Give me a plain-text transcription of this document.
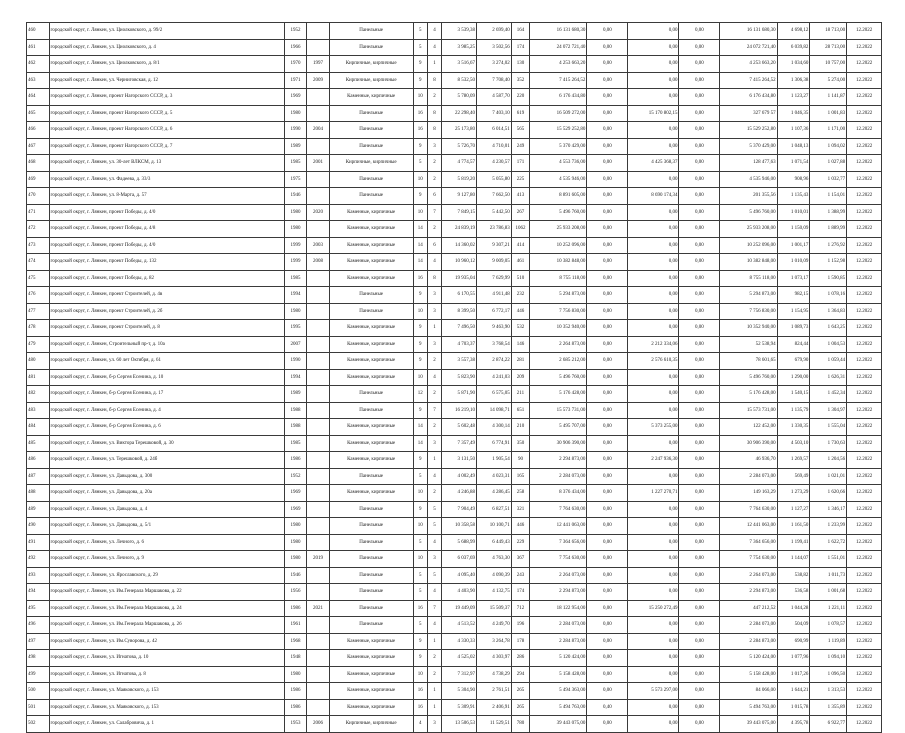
460	городской округ, г. Лянкен, ул. Циолковского, д. 99/2	1952		Панельные	5	4	3 539,38	2 699,40	164	16 131 680,30	0,00	0,00	0,00	16 131 680,30	4 698,12	18 713,00	12.2022
461	городской округ, г. Лянкен, ул. Циолковского, д. 4	1966		Панельные	5	4	3 985,25	3 502,56	174	24 072 721,40	0,00	0,00	0,00	24 072 721,40	6 039,82	28 713,00	12.2022
462	городской округ, г. Лянкен, ул. Циолковского, д. 8/1	1970	1997	Кирпичные, кирпичные	9	1	3 516,67	3 274,02	130	4 253 663,20	0,00	0,00	0,00	4 253 663,20	1 034,60	10 757,00	12.2022
463	городской округ, г. Лянкен, ул. Черниговская, д. 12	1971	2009	Кирпичные, кирпичные	9	8	8 532,50	7 708,40	352	7 415 264,52	0,00	0,00	0,00	7 415 264,52	1 306,38	5 274,00	12.2022
464	городской округ, г. Лянкен, проект Нагорского СССР, д. 3	1969		Каменные, кирпичные	10	2	5 780,09	4 587,70	220	6 176 434,80	0,00	0,00	0,00	6 176 434,80	1 123,27	1 141,87	12.2022
465	городской округ, г. Лянкен, проект Нагорского СССР, д. 5	1980		Панельные	16	8	22 298,40	7 403,10	619	16 509 272,00	0,00	15 170 802,15	0,00	327 679 57	1 046,35	1 001,83	12.2022
466	городской округ, г. Лянкен, проект Нагорского СССР, д. 6	1990	2004	Панельные	16	8	25 173,80	6 014,51	565	15 529 252,80	0,00	0,00	0,00	15 529 252,80	1 107,36	1 171,00	12.2022
467	городской округ, г. Лянкен, проект Нагорского СССР, д. 7	1989		Панельные	9	3	5 726,70	4 710,01	249	5 370 429,00	0,00	0,00	0,00	5 370 429,00	1 048,13	1 094,02	12.2022
468	городской округ, г. Лянкен, ул. 30-лет ВЛКСМ, д. 13	1985	2001	Кирпичные, кирпичные	5	2	4 774,57	4 230,57	171	4 553 736,00	0,00	4 425 368,37	0,00	128 477,63	1 071,54	1 027,88	12.2022
469	городской округ, г. Лянкен, ул. Фадеева, д. 33/3	1975		Панельные	10	2	5 819,20	5 055,80	225	4 535 946,00	0,00	0,00	0,00	4 535 946,00	908,96	1 032,77	12.2022
470	городской округ, г. Лянкен, ул. 8-Марта, д. 57	1946		Панельные	9	6	9 127,80	7 662,50	413	8 891 605,00	0,00	8 690 174,34	0,00	201 355,56	1 135,43	1 154,01	12.2022
471	городской округ, г. Лянкен, проект Победы, д. 4/0	1980	2020	Каменные, кирпичные	10	7	7 849,15	5 442,50	267	5 496 760,00	0,00	0,00	0,00	5 496 760,00	1 010,01	1 388,99	12.2022
472	городской округ, г. Лянкен, проект Победы, д. 4/8	1980		Каменные, кирпичные	14	2	24 839,19	23 786,83	1062	25 933 208,00	0,00	0,00	0,00	25 933 208,00	1 150,09	1 889,99	12.2022
473	городской округ, г. Лянкен, проект Победы, д. 4/0	1999	2003	Каменные, кирпичные	14	6	14 360,02	9 307,21	414	10 252 096,00	0,00	0,00	0,00	10 252 096,00	1 001,17	1 276,92	12.2022
474	городской округ, г. Лянкен, проект Победы, д. 132	1999	2008	Каменные, кирпичные	14	4	10 960,12	9 009,05	461	10 382 848,00	0,00	0,00	0,00	10 382 848,00	1 010,09	1 152,98	12.2022
475	городской округ, г. Лянкен, проект Победы, д. 82	1985		Каменные, кирпичные	16	8	19 935,04	7 629,99	510	8 755 118,00	0,00	0,00	0,00	8 755 118,00	1 073,17	1 590,85	12.2022
476	городской округ, г. Лянкен, проект Строителей, д. 4в	1994		Панельные	9	3	6 170,55	4 911,48	232	5 294 873,00	0,00	0,00	0,00	5 294 873,00	982,15	1 078,16	12.2022
477	городской округ, г. Лянкен, проект Строителей, д. 2б	1980		Панельные	10	3	8 399,50	6 772,17	446	7 756 830,00	0,00	0,00	0,00	7 756 830,00	1 154,95	1 364,83	12.2022
478	городской округ, г. Лянкен, проект Строителей, д. 8	1995		Каменные, кирпичные	9	1	7 496,50	9 463,90	532	10 352 940,00	0,00	0,00	0,00	10 352 940,00	1 089,73	1 643,25	12.2022
479	городской округ, г. Лянкен, Строительный пр-т, д. 10а	2007		Каменные, кирпичные	9	3	4 703,37	3 768,54	146	2 264 873,00	0,00	2 212 334,06	0,00	52 538,94	824,44	1 004,53	12.2022
480	городской округ, г. Лянкен, ул. 60 лет Октября, д. 61	1990		Каменные, кирпичные	9	2	3 557,38	2 874,22	281	2 685 212,00	0,00	2 576 610,35	0,00	78 601,65	679,90	1 059,44	12.2022
481	городской округ, г. Лянкен, б-р Сергея Есенина, д. 10	1994		Каменные, кирпичные	10	4	5 823,90	4 241,03	209	5 496 760,00	0,00	0,00	0,00	5 496 760,00	1 290,00	1 626,31	12.2022
482	городской округ, г. Лянкен, б-р Сергея Есенина, д. 17	1989		Панельные	12	2	5 871,90	6 575,05	211	5 176 428,00	0,00	0,00	0,00	5 176 428,00	1 540,15	1 452,34	12.2022
483	городской округ, г. Лянкен, б-р Сергея Есенина, д. 4	1988		Панельные	9	7	16 219,10	14 098,71	651	15 573 731,00	0,00	0,00	0,00	15 573 731,00	1 135,79	1 304,97	12.2022
484	городской округ, г. Лянкен, б-р Сергея Есенина, д. 6	1988		Каменные, кирпичные	14	2	5 602,48	4 300,14	210	5 495 707,00	0,00	5 373 255,00	0,00	122 452,00	1 330,35	1 555,04	12.2022
485	городской округ, г. Лянкен, ул. Виктора Терешковой, д. 30	1985		Каменные, кирпичные	14	3	7 357,49	6 774,91	350	30 906 390,00	0,00	0,00	0,00	30 906 390,00	4 503,10	1 730,63	12.2022
486	городской округ, г. Лянкен, ул. Терешковой, д. 24б	1986		Каменные, кирпичные	9	1	3 131,50	1 905,54	90	2 294 873,00	0,00	2 247 936,30	0,00	46 936,70	1 269,57	1 204,56	12.2022
487	городской округ, г. Лянкен, ул. Давыдова, д. 300	1952		Панельные	5	4	4 002,49	4 023,31	165	2 284 073,00	0,00	0,00	0,00	2 284 073,00	569,49	1 021,01	12.2022
488	городской округ, г. Лянкен, ул. Давыдова, д. 20а	1969		Каменные, кирпичные	10	2	4 246,88	4 286,45	258	8 376 434,00	0,00	1 227 270,71	0,00	149 163,29	1 273,29	1 620,66	12.2022
489	городской округ, г. Лянкен, ул. Давыдова, д. 4	1969		Панельные	9	5	7 904,49	6 827,51	321	7 764 630,00	0,00	0,00	0,00	7 764 630,00	1 127,27	1 346,17	12.2022
490	городской округ, г. Лянкен, ул. Давыдова, д. 5/1	1980		Панельные	10	5	10 358,58	10 100,71	446	12 441 063,00	0,00	0,00	0,00	12 441 063,00	1 161,50	1 233,99	12.2022
491	городской округ, г. Лянкен, ул. Лечного, д. 6	1980		Панельные	5	4	5 688,99	6 449,43	229	7 364 656,00	0,00	0,00	0,00	7 364 656,00	1 199,41	1 622,72	12.2022
492	городской округ, г. Лянкен, ул. Лечного, д. 9	1980	2019	Панельные	10	3	6 037,69	4 763,30	367	7 754 630,00	0,00	0,00	0,00	7 754 630,00	1 144,07	1 551,01	12.2022
493	городской округ, г. Лянкен, ул. Ярославского, д. 29	1946		Панельные	5	5	4 095,40	4 090,39	243	2 264 073,00	0,00	0,00	0,00	2 264 073,00	538,82	1 011,73	12.2022
494	городской округ, г. Лянкен, ул. Им.Генерала Маршакова, д. 22	1956		Панельные	5	4	4 403,90	4 132,75	174	2 294 873,00	0,00	0,00	0,00	2 294 873,00	536,58	1 001,68	12.2022
495	городской округ, г. Лянкен, ул. Им.Генерала Маршакова, д. 24	1986	2021	Панельные	16	7	19 449,09	15 509,37	712	18 122 954,00	0,00	15 250 272,49	0,00	447 212,52	1 044,28	1 221,11	12.2022
496	городской округ, г. Лянкен, ул. Им.Генерала Маршакова, д. 26	1961		Панельные	5	4	4 513,52	4 249,70	196	2 284 073,00	0,00	0,00	0,00	2 284 073,00	504,09	1 078,57	12.2022
497	городской округ, г. Лянкен, ул. Им.Суворова, д. 42	1968		Каменные, кирпичные	9	1	4 330,33	3 264,78	178	2 284 873,00	0,00	0,00	0,00	2 284 873,00	690,99	1 119,89	12.2022
498	городской округ, г. Лянкен, ул. Игнатова, д. 10	1948		Каменные, кирпичные	9	2	4 525,02	4 303,97	286	5 120 424,00	0,00	0,00	0,00	5 120 424,00	1 077,96	1 094,10	12.2022
499	городской округ, г. Лянкен, ул. Игнатова, д. 8	1980		Каменные, кирпичные	10	2	7 312,97	4 738,29	294	5 158 428,00	0,00	0,00	0,00	5 158 428,00	1 017,26	1 096,50	12.2022
500	городской округ, г. Лянкен, ул. Маяковского, д. 153	1986		Каменные, кирпичные	16	1	5 304,90	2 761,51	265	5 494 363,00	0,00	5 573 297,00	0,00	84 066,00	1 644,21	1 313,53	12.2022
501	городской округ, г. Лянкен, ул. Маяковского, д. 153	1986		Каменные, кирпичные	16	1	5 309,91	2 406,91	265	5 494 763,00	0,40	0,00	0,00	5 494 763,00	1 015,78	1 355,89	12.2022
502	городской округ, г. Лянкен, ул. Салабровича, д. 1	1953	2006	Кирпичные, кирпичные	4	3	13 506,53	11 529,51	780	39 443 075,00	0,00	0,00	0,00	39 443 075,00	4 395,78	6 922,77	12.2022
